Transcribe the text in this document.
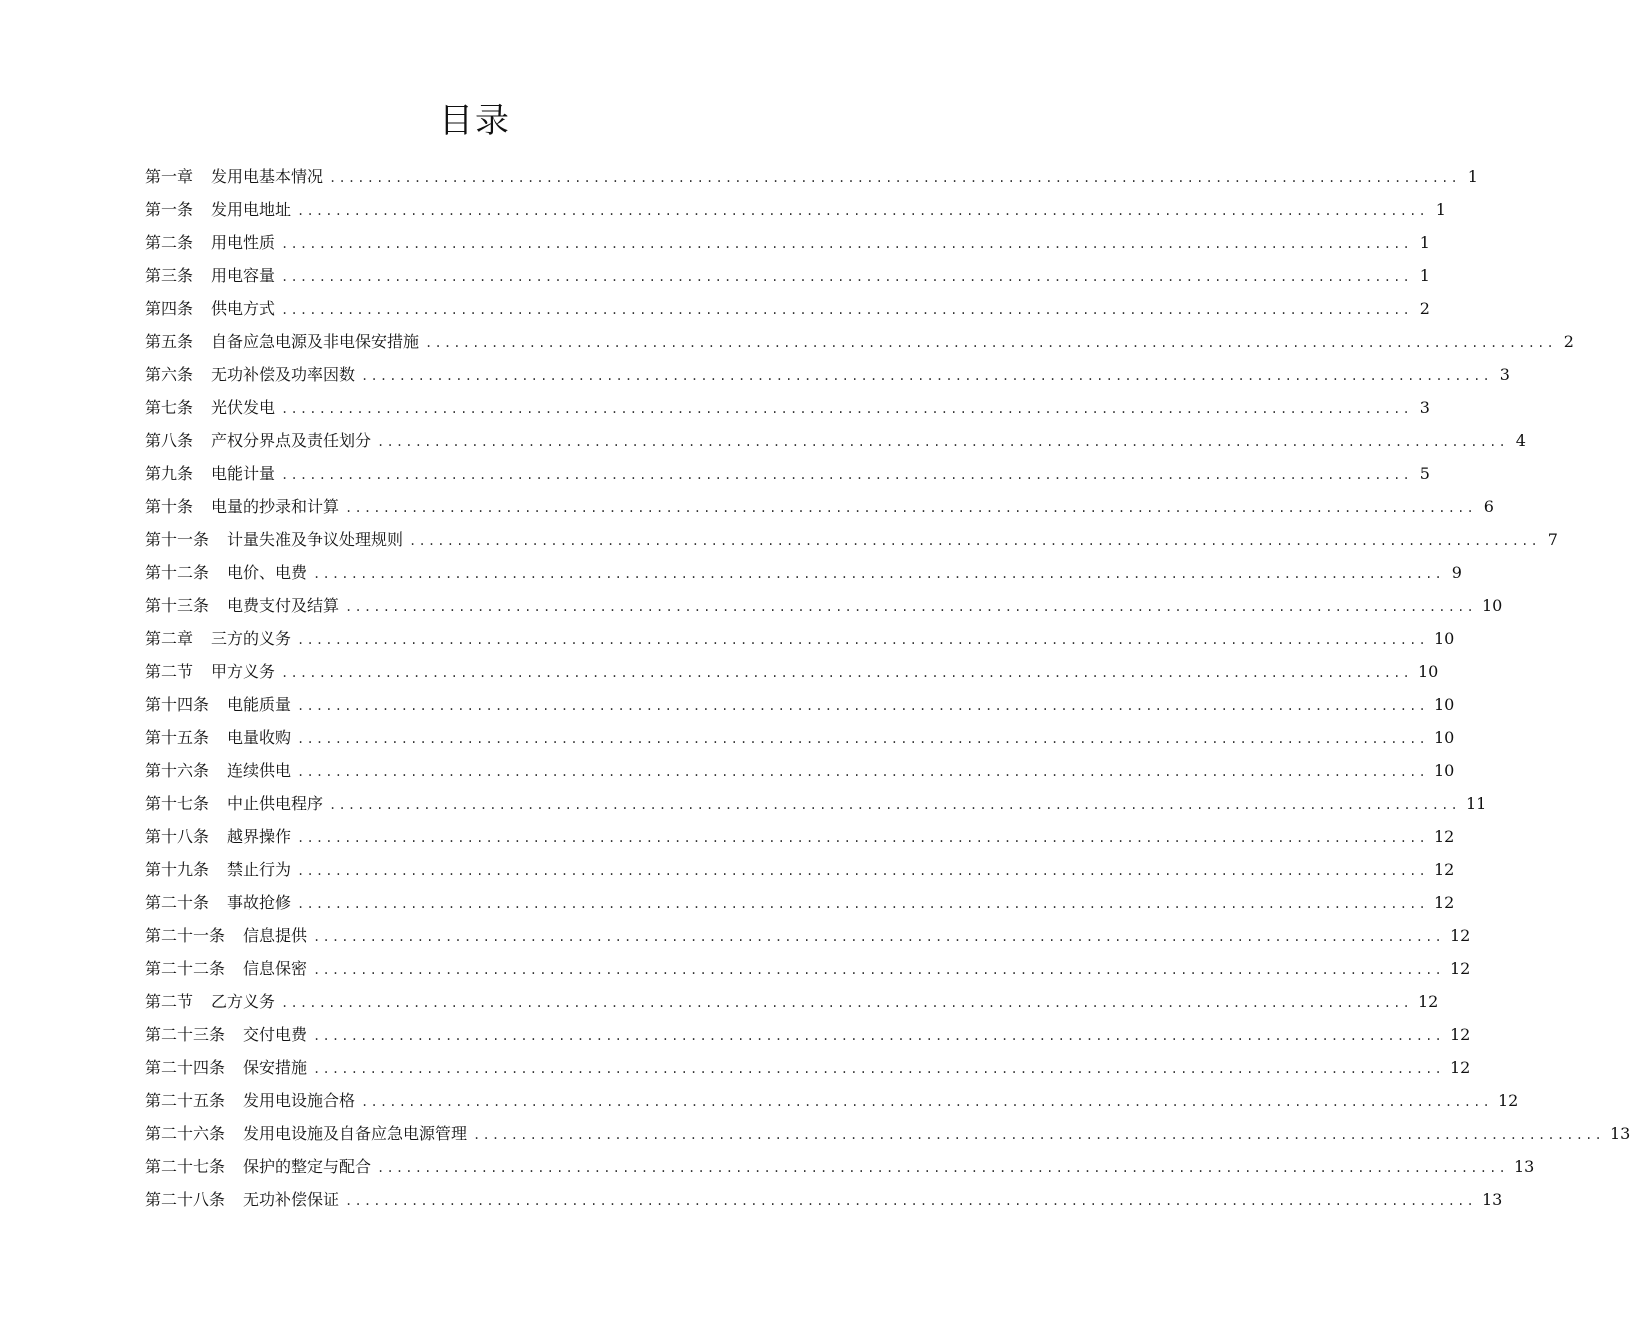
目录
第一章	发用电基本情况 ........................................................................................................................ 1
第一条	发用电地址 ........................................................................................................................ 1
第二条	用电性质 ........................................................................................................................ 1
第三条	用电容量 ........................................................................................................................ 1
第四条	供电方式 ........................................................................................................................ 2
第五条	自备应急电源及非电保安措施 ........................................................................................................................ 2
第六条	无功补偿及功率因数 ........................................................................................................................ 3
第七条	光伏发电 ........................................................................................................................ 3
第八条	产权分界点及责任划分 ........................................................................................................................ 4
第九条	电能计量 ........................................................................................................................ 5
第十条	电量的抄录和计算 ........................................................................................................................ 6
第十一条	计量失准及争议处理规则 ........................................................................................................................ 7
第十二条	电价、电费 ........................................................................................................................ 9
第十三条	电费支付及结算 ........................................................................................................................ 10
第二章	三方的义务 ........................................................................................................................ 10
第二节	甲方义务 ........................................................................................................................ 10
第十四条	电能质量 ........................................................................................................................ 10
第十五条	电量收购 ........................................................................................................................ 10
第十六条	连续供电 ........................................................................................................................ 10
第十七条	中止供电程序 ........................................................................................................................ 11
第十八条	越界操作 ........................................................................................................................ 12
第十九条	禁止行为 ........................................................................................................................ 12
第二十条	事故抢修 ........................................................................................................................ 12
第二十一条	信息提供 ........................................................................................................................ 12
第二十二条	信息保密 ........................................................................................................................ 12
第二节	乙方义务 ........................................................................................................................ 12
第二十三条	交付电费 ........................................................................................................................ 12
第二十四条	保安措施 ........................................................................................................................ 12
第二十五条	发用电设施合格 ........................................................................................................................ 12
第二十六条	发用电设施及自备应急电源管理 ........................................................................................................................ 13
第二十七条	保护的整定与配合 ........................................................................................................................ 13
第二十八条	无功补偿保证 ........................................................................................................................ 13
